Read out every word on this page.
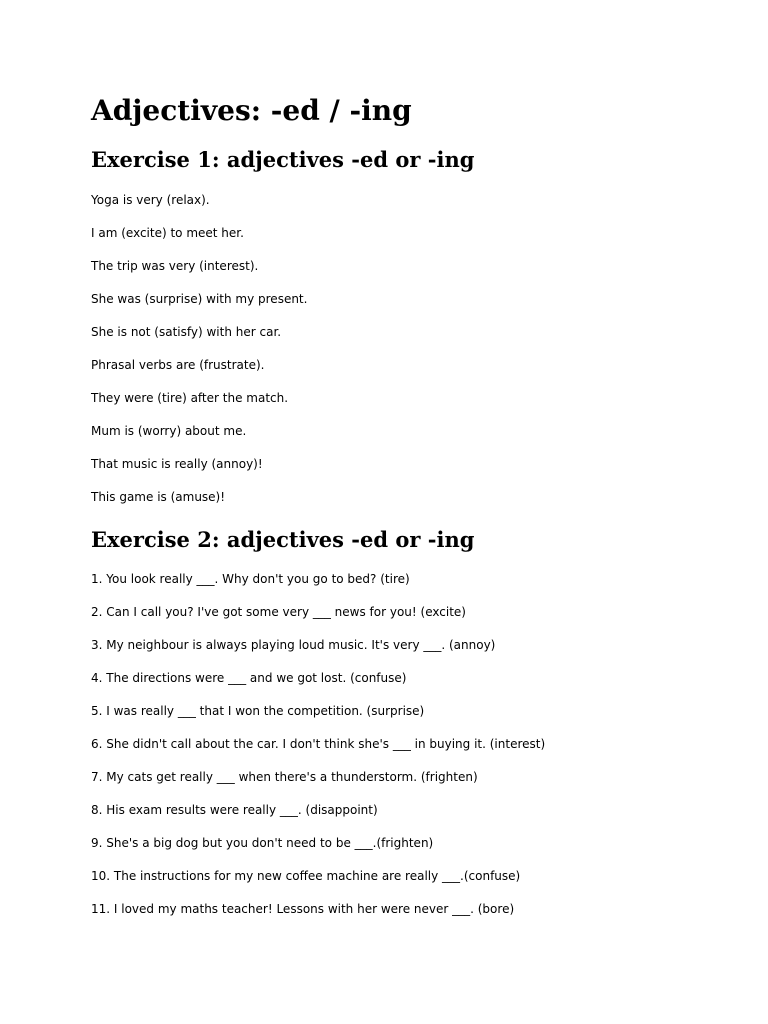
Adjectives: -ed / -ing
Exercise 1: adjectives -ed or -ing
Yoga is very (relax).
I am (excite) to meet her.
The trip was very (interest).
She was (surprise) with my present.
She is not (satisfy) with her car.
Phrasal verbs are (frustrate).
They were (tire) after the match.
Mum is (worry) about me.
That music is really (annoy)!
This game is (amuse)!
Exercise 2: adjectives -ed or -ing
1. You look really ___. Why don't you go to bed? (tire)
2. Can I call you? I've got some very ___ news for you! (excite)
3. My neighbour is always playing loud music. It's very ___. (annoy)
4. The directions were ___ and we got lost. (confuse)
5. I was really ___ that I won the competition. (surprise)
6. She didn't call about the car. I don't think she's ___ in buying it. (interest)
7. My cats get really ___ when there's a thunderstorm. (frighten)
8. His exam results were really ___. (disappoint)
9. She's a big dog but you don't need to be ___.(frighten)
10. The instructions for my new coffee machine are really ___.(confuse)
11. I loved my maths teacher! Lessons with her were never ___. (bore)
